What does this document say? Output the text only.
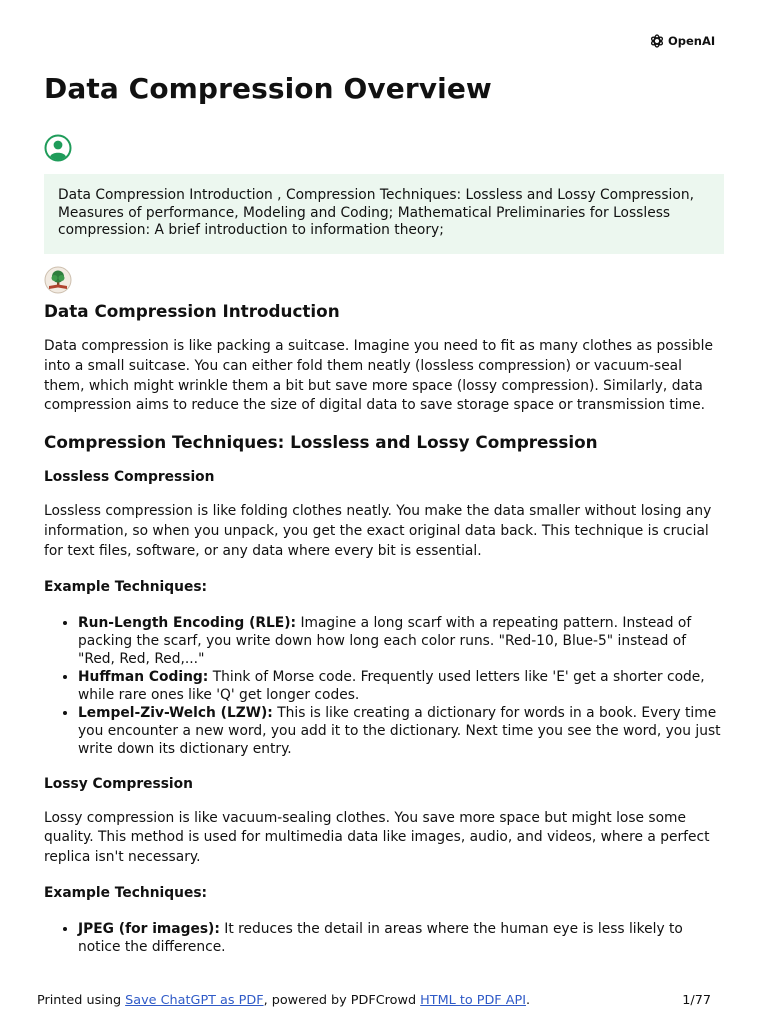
OpenAI
Data Compression Overview
Data Compression Introduction , Compression Techniques: Lossless and Lossy Compression, Measures of performance, Modeling and Coding; Mathematical Preliminaries for Lossless compression: A brief introduction to information theory;
Data Compression Introduction

Data compression is like packing a suitcase. Imagine you need to fit as many clothes as possible into a small suitcase. You can either fold them neatly (lossless compression) or vacuum-seal them, which might wrinkle them a bit but save more space (lossy compression). Similarly, data compression aims to reduce the size of digital data to save storage space or transmission time.

Compression Techniques: Lossless and Lossy Compression
Lossless Compression

Lossless compression is like folding clothes neatly. You make the data smaller without losing any information, so when you unpack, you get the exact original data back. This technique is crucial for text files, software, or any data where every bit is essential.

Example Techniques:
• Run-Length Encoding (RLE): Imagine a long scarf with a repeating pattern. Instead of packing the scarf, you write down how long each color runs. "Red-10, Blue-5" instead of "Red, Red, Red,..."
• Huffman Coding: Think of Morse code. Frequently used letters like 'E' get a shorter code, while rare ones like 'Q' get longer codes.
• Lempel-Ziv-Welch (LZW): This is like creating a dictionary for words in a book. Every time you encounter a new word, you add it to the dictionary. Next time you see the word, you just write down its dictionary entry.
Lossy Compression

Lossy compression is like vacuum-sealing clothes. You save more space but might lose some quality. This method is used for multimedia data like images, audio, and videos, where a perfect replica isn't necessary.

Example Techniques:
• JPEG (for images): It reduces the detail in areas where the human eye is less likely to notice the difference.
Printed using Save ChatGPT as PDF, powered by PDFCrowd HTML to PDF API.	1/77
